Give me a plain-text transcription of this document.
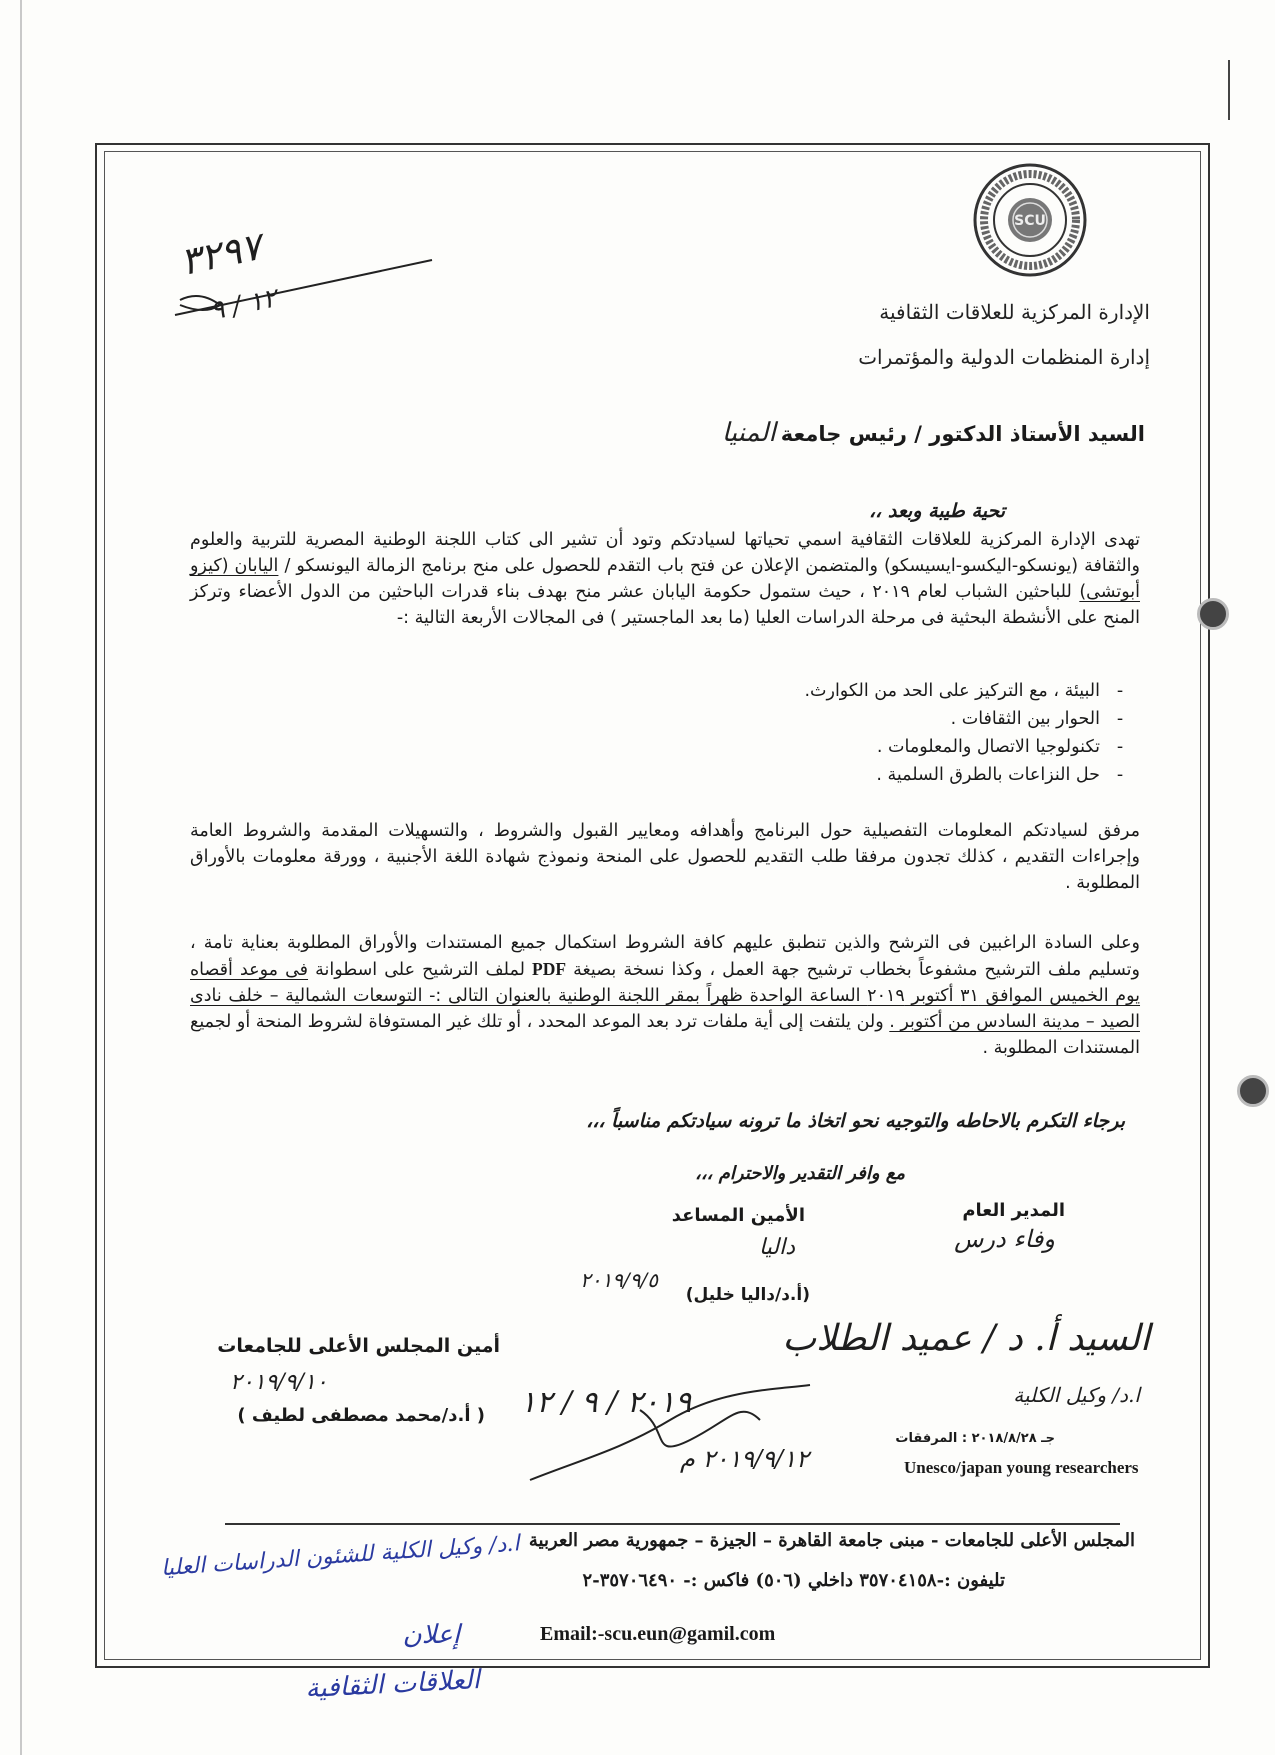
SCU
٣٢٩٧
١٢ / ٩	الإدارة المركزية للعلاقات الثقافية
إدارة المنظمات الدولية والمؤتمرات
السيد الأستاذ الدكتور / رئيس جامعة المنيا
تحية طيبة وبعد ،،
تهدى الإدارة المركزية للعلاقات الثقافية اسمي تحياتها لسيادتكم وتود أن تشير الى كتاب اللجنة الوطنية المصرية للتربية والعلوم والثقافة (يونسكو-اليكسو-ايسيسكو) والمتضمن الإعلان عن فتح باب التقدم للحصول على منح برنامج الزمالة اليونسكو / اليابان (كيزو أبوتشى) للباحثين الشباب لعام ٢٠١٩ ، حيث ستمول حكومة اليابان عشر منح بهدف بناء قدرات الباحثين من الدول الأعضاء وتركز المنح على الأنشطة البحثية فى مرحلة الدراسات العليا (ما بعد الماجستير ) فى المجالات الأربعة التالية :-
- البيئة ، مع التركيز على الحد من الكوارث.
- الحوار بين الثقافات .
- تكنولوجيا الاتصال والمعلومات .
- حل النزاعات بالطرق السلمية .
مرفق لسيادتكم المعلومات التفصيلية حول البرنامج وأهدافه ومعايير القبول والشروط ، والتسهيلات المقدمة والشروط العامة وإجراءات التقديم ، كذلك تجدون مرفقا طلب التقديم للحصول على المنحة ونموذج شهادة اللغة الأجنبية ، وورقة معلومات بالأوراق المطلوبة .
وعلى السادة الراغبين فى الترشح والذين تنطبق عليهم كافة الشروط استكمال جميع المستندات والأوراق المطلوبة بعناية تامة ، وتسليم ملف الترشيح مشفوعاً بخطاب ترشيح جهة العمل ، وكذا نسخة بصيغة PDF لملف الترشيح على اسطوانة فى موعد أقصاه يوم الخميس الموافق ٣١ أكتوبر ٢٠١٩ الساعة الواحدة ظهراً بمقر اللجنة الوطنية بالعنوان التالى :- التوسعات الشمالية – خلف نادى الصيد – مدينة السادس من أكتوبر . ولن يلتفت إلى أية ملفات ترد بعد الموعد المحدد ، أو تلك غير المستوفاة لشروط المنحة أو لجميع المستندات المطلوبة .
برجاء التكرم بالاحاطه والتوجيه نحو اتخاذ ما ترونه سيادتكم مناسباً ،،،
مع وافر التقدير والاحترام ،،،
المدير العام
وفاء درس
الأمين المساعد
داليا
٢٠١٩/٩/٥
(أ.د/داليا خليل)
أمين المجلس الأعلى للجامعات
٢٠١٩/٩/١٠
( أ.د/محمد مصطفى لطيف )
السيد أ. د / عميد الطلاب
٢٠١٩ / ٩ / ١٢	ا.د/ وكيل الكلية
٢٠١٩/٩/١٢ م
جـ ٢٠١٨/٨/٢٨ : المرفقات
Unesco/japan young researchers
المجلس الأعلى للجامعات - مبنى جامعة القاهرة – الجيزة – جمهورية مصر العربية
تليفون :-٣٥٧٠٤١٥٨ داخلي (٥٠٦) فاكس :- ٣٥٧٠٦٤٩٠-٢
Email:-scu.eun@gamil.com
ا.د/ وكيل الكلية للشئون الدراسات العليا
إعلان
العلاقات الثقافية
